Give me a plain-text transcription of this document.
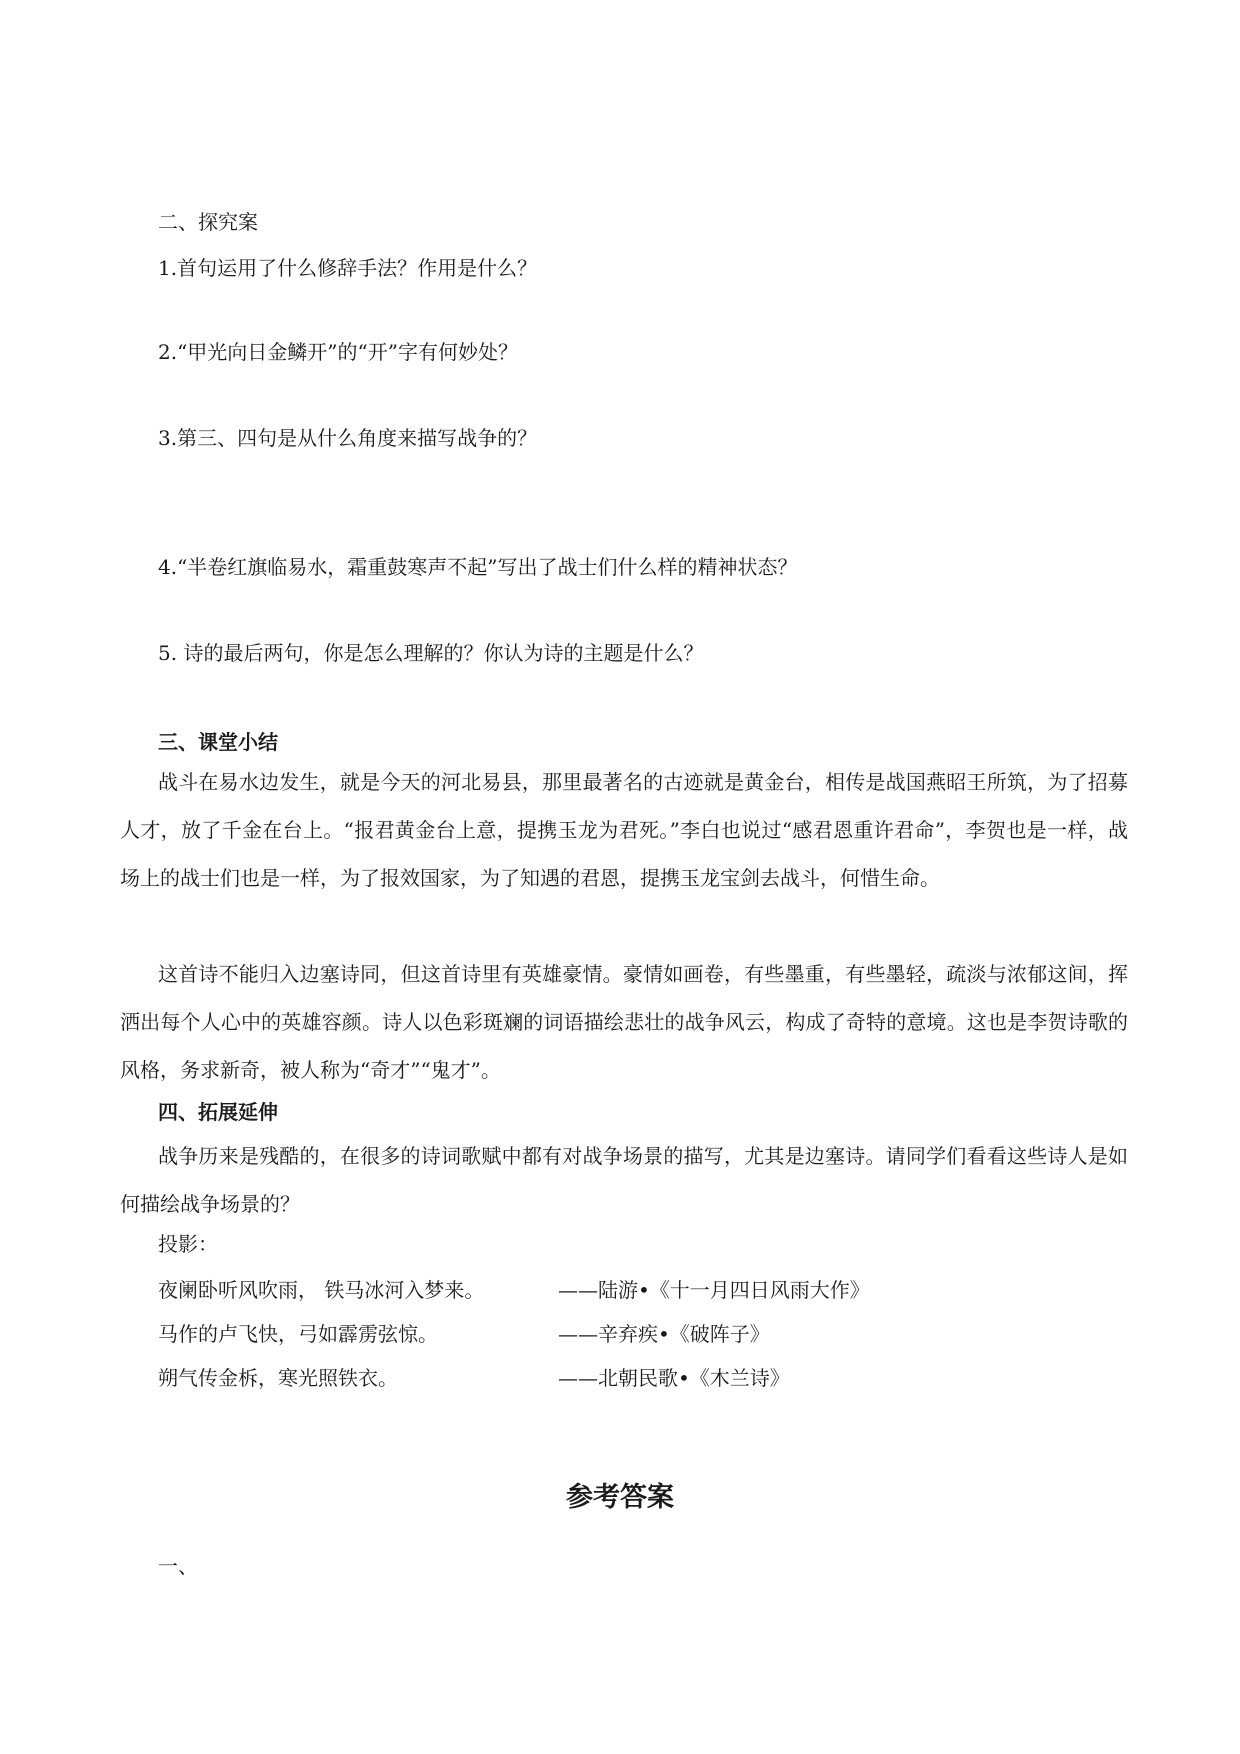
二、探究案
1.首句运用了什么修辞手法？作用是什么？
2.“甲光向日金鳞开”的“开”字有何妙处？
3.第三、四句是从什么角度来描写战争的？
4.“半卷红旗临易水，霜重鼓寒声不起”写出了战士们什么样的精神状态？
5. 诗的最后两句，你是怎么理解的？你认为诗的主题是什么？
三、课堂小结
战斗在易水边发生，就是今天的河北易县，那里最著名的古迹就是黄金台，相传是战国燕昭王所筑，为了招募人才，放了千金在台上。“报君黄金台上意，提携玉龙为君死。”李白也说过“感君恩重许君命”，李贺也是一样，战场上的战士们也是一样，为了报效国家，为了知遇的君恩，提携玉龙宝剑去战斗，何惜生命。
这首诗不能归入边塞诗同，但这首诗里有英雄豪情。豪情如画卷，有些墨重，有些墨轻，疏淡与浓郁这间，挥洒出每个人心中的英雄容颜。诗人以色彩斑斓的词语描绘悲壮的战争风云，构成了奇特的意境。这也是李贺诗歌的风格，务求新奇，被人称为“奇才”“鬼才”。
四、拓展延伸
战争历来是残酷的，在很多的诗词歌赋中都有对战争场景的描写，尤其是边塞诗。请同学们看看这些诗人是如何描绘战争场景的？
投影：
夜阑卧听风吹雨， 铁马冰河入梦来。	——陆游•《十一月四日风雨大作》
马作的卢飞快，弓如霹雳弦惊。	——辛弃疾•《破阵子》
朔气传金柝，寒光照铁衣。	——北朝民歌•《木兰诗》
参考答案
一、
